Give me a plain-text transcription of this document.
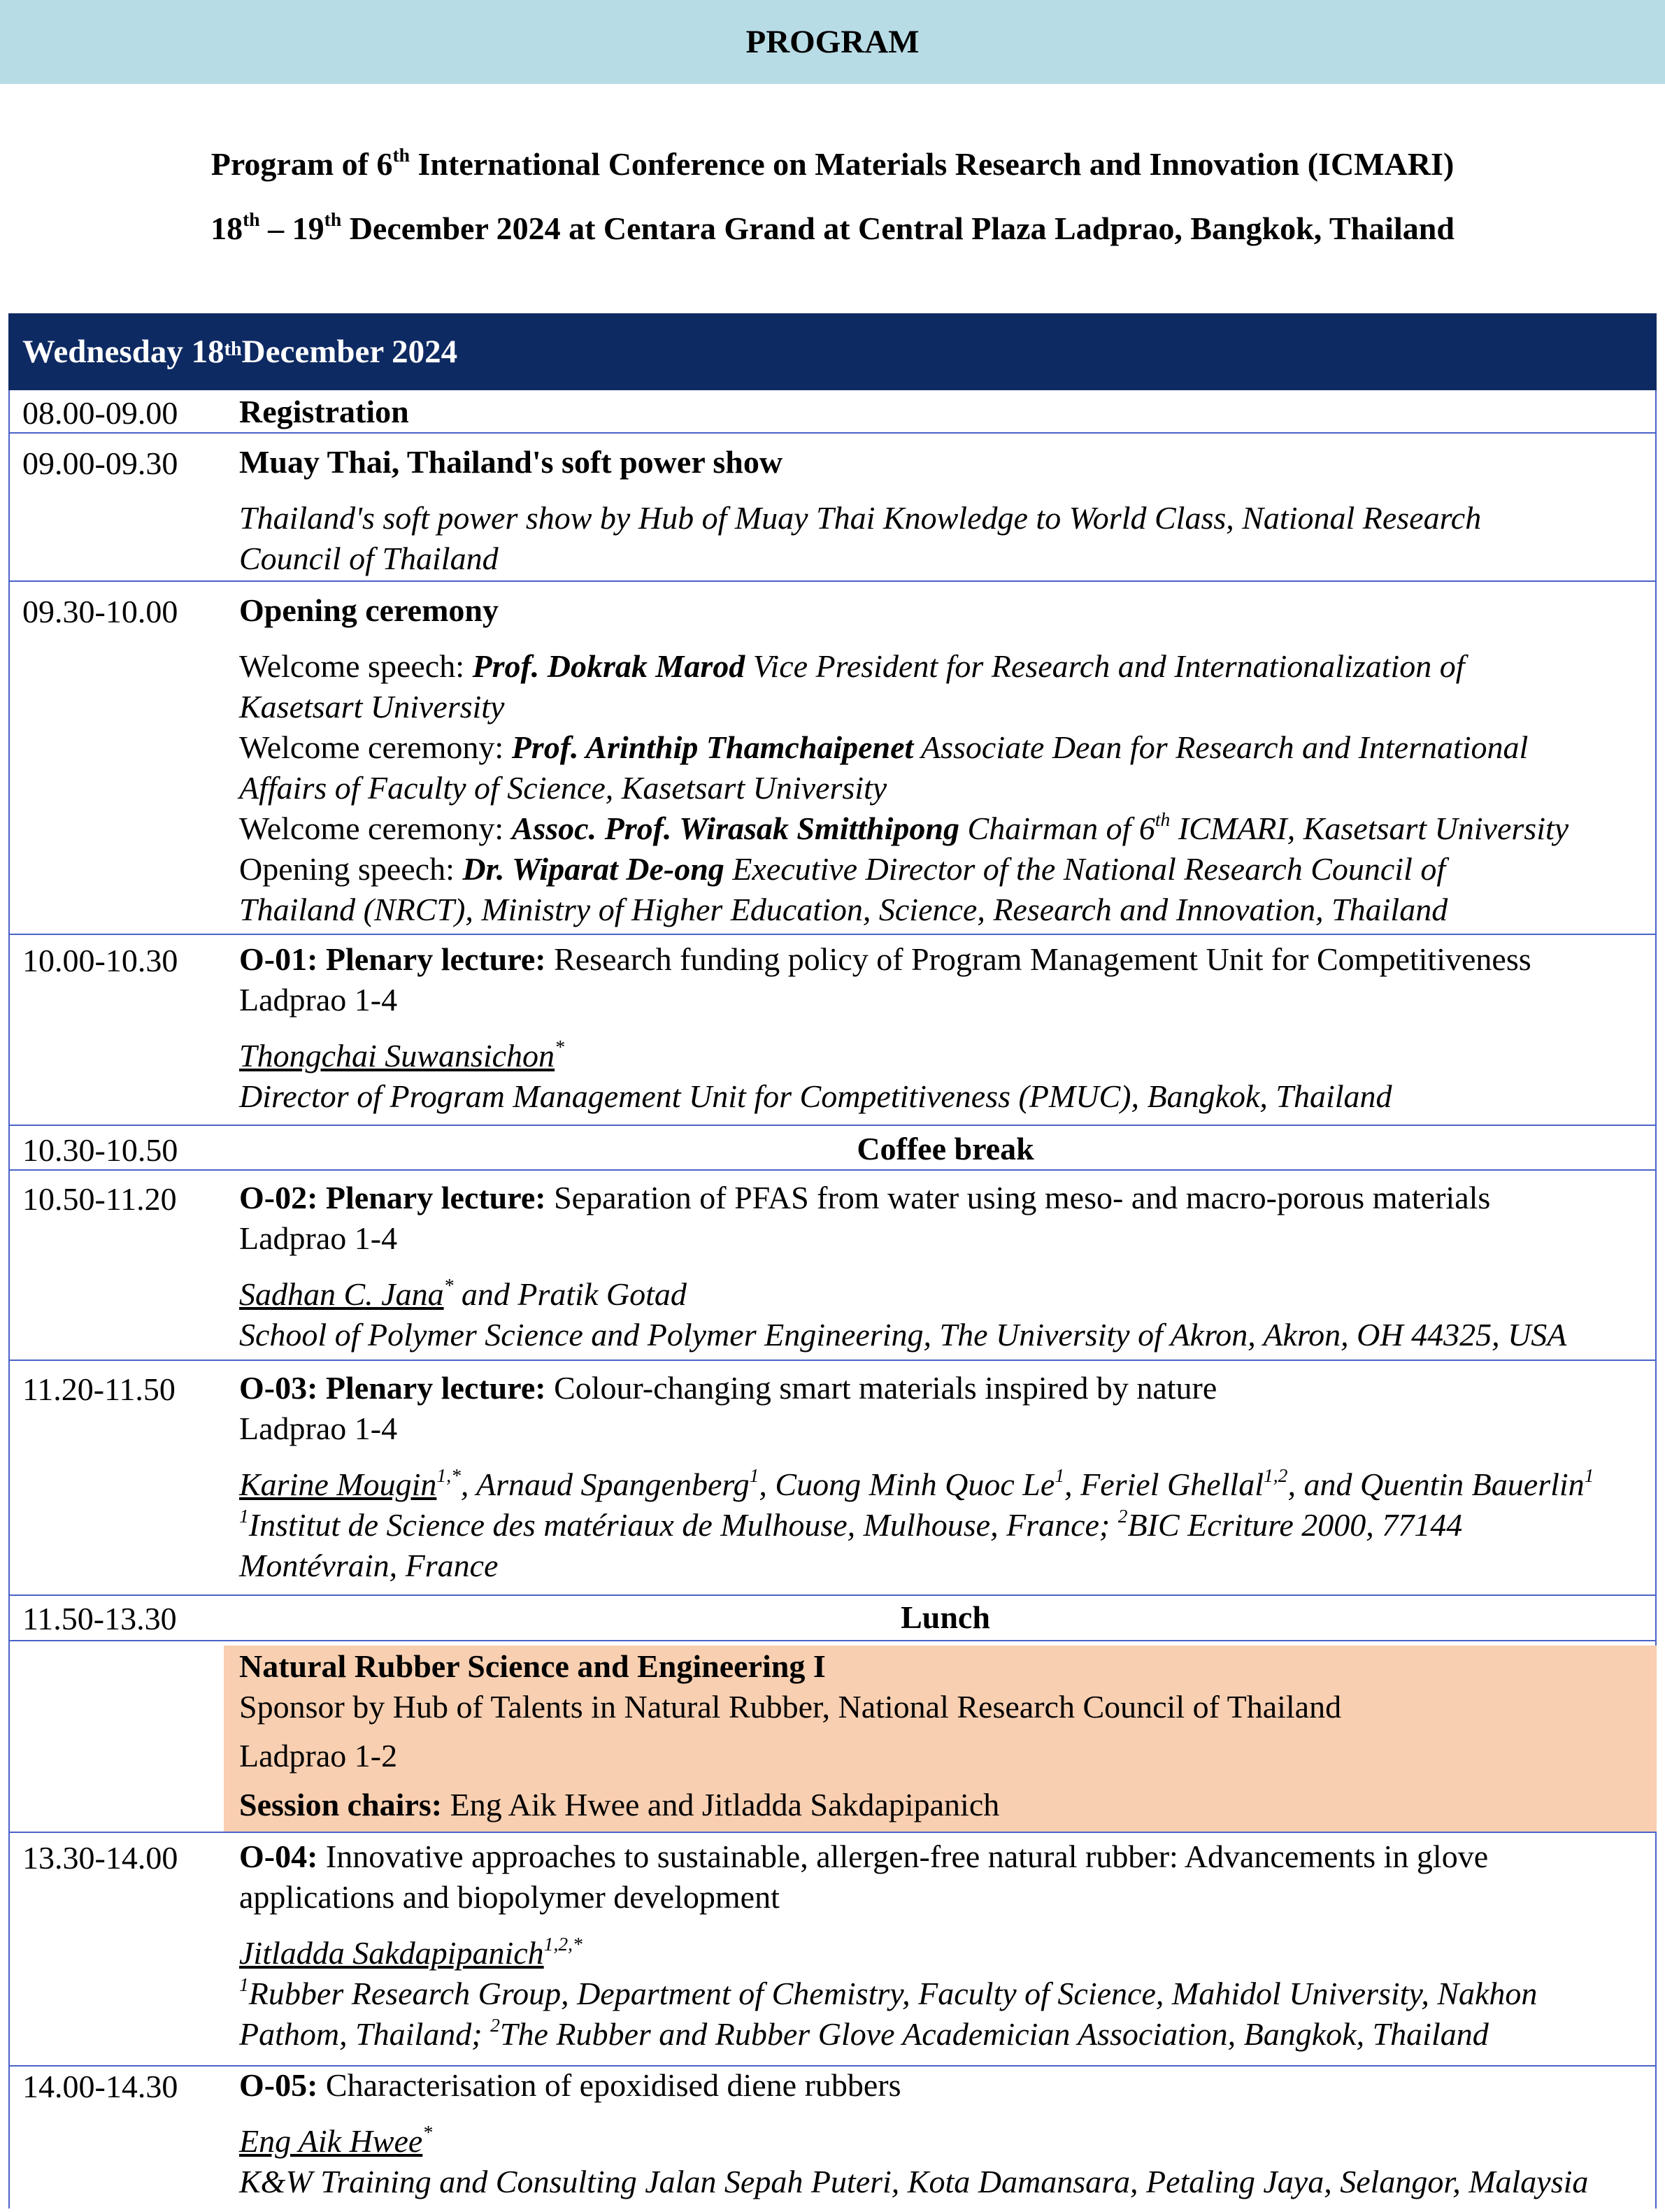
PROGRAM
Program of 6th International Conference on Materials Research and Innovation (ICMARI)
18th – 19th December 2024 at Centara Grand at Central Plaza Ladprao, Bangkok, Thailand
Wednesday 18th December 2024
08.00-09.00 Registration
09.00-09.30 Muay Thai, Thailand's soft power show
Thailand's soft power show by Hub of Muay Thai Knowledge to World Class, National Research
Council of Thailand
09.30-10.00 Opening ceremony
Welcome speech: Prof. Dokrak Marod Vice President for Research and Internationalization of
Kasetsart University
Welcome ceremony: Prof. Arinthip Thamchaipenet Associate Dean for Research and International
Affairs of Faculty of Science, Kasetsart University
Welcome ceremony: Assoc. Prof. Wirasak Smitthipong Chairman of 6th ICMARI, Kasetsart University
Opening speech: Dr. Wiparat De-ong Executive Director of the National Research Council of
Thailand (NRCT), Ministry of Higher Education, Science, Research and Innovation, Thailand
10.00-10.30 O-01: Plenary lecture: Research funding policy of Program Management Unit for Competitiveness
Ladprao 1-4
Thongchai Suwansichon*
Director of Program Management Unit for Competitiveness (PMUC), Bangkok, Thailand
10.30-10.50	Coffee break
10.50-11.20 O-02: Plenary lecture: Separation of PFAS from water using meso- and macro-porous materials
Ladprao 1-4
Sadhan C. Jana* and Pratik Gotad
School of Polymer Science and Polymer Engineering, The University of Akron, Akron, OH 44325, USA
11.20-11.50 O-03: Plenary lecture: Colour-changing smart materials inspired by nature
Ladprao 1-4
Karine Mougin$^{1,*}$, Arnaud Spangenberg$^1$, Cuong Minh Quoc Le$^1$, Feriel Ghellal$^{1,2}$, and Quentin Bauerlin$^1$
$^1$Institut de Science des matériaux de Mulhouse, Mulhouse, France; $^2$BIC Ecriture 2000, 77144
Montévrain, France
11.50-13.30	Lunch
Natural Rubber Science and Engineering I
Sponsor by Hub of Talents in Natural Rubber, National Research Council of Thailand
Ladprao 1-2
Session chairs: Eng Aik Hwee and Jitladda Sakdapipanich
13.30-14.00 O-04: Innovative approaches to sustainable, allergen-free natural rubber: Advancements in glove
applications and biopolymer development
Jitladda Sakdapipanich$^{1,2,*}$
$^1$Rubber Research Group, Department of Chemistry, Faculty of Science, Mahidol University, Nakhon
Pathom, Thailand; $^2$The Rubber and Rubber Glove Academician Association, Bangkok, Thailand
14.00-14.30 O-05: Characterisation of epoxidised diene rubbers
Eng Aik Hwee*
K&W Training and Consulting Jalan Sepah Puteri, Kota Damansara, Petaling Jaya, Selangor, Malaysia
